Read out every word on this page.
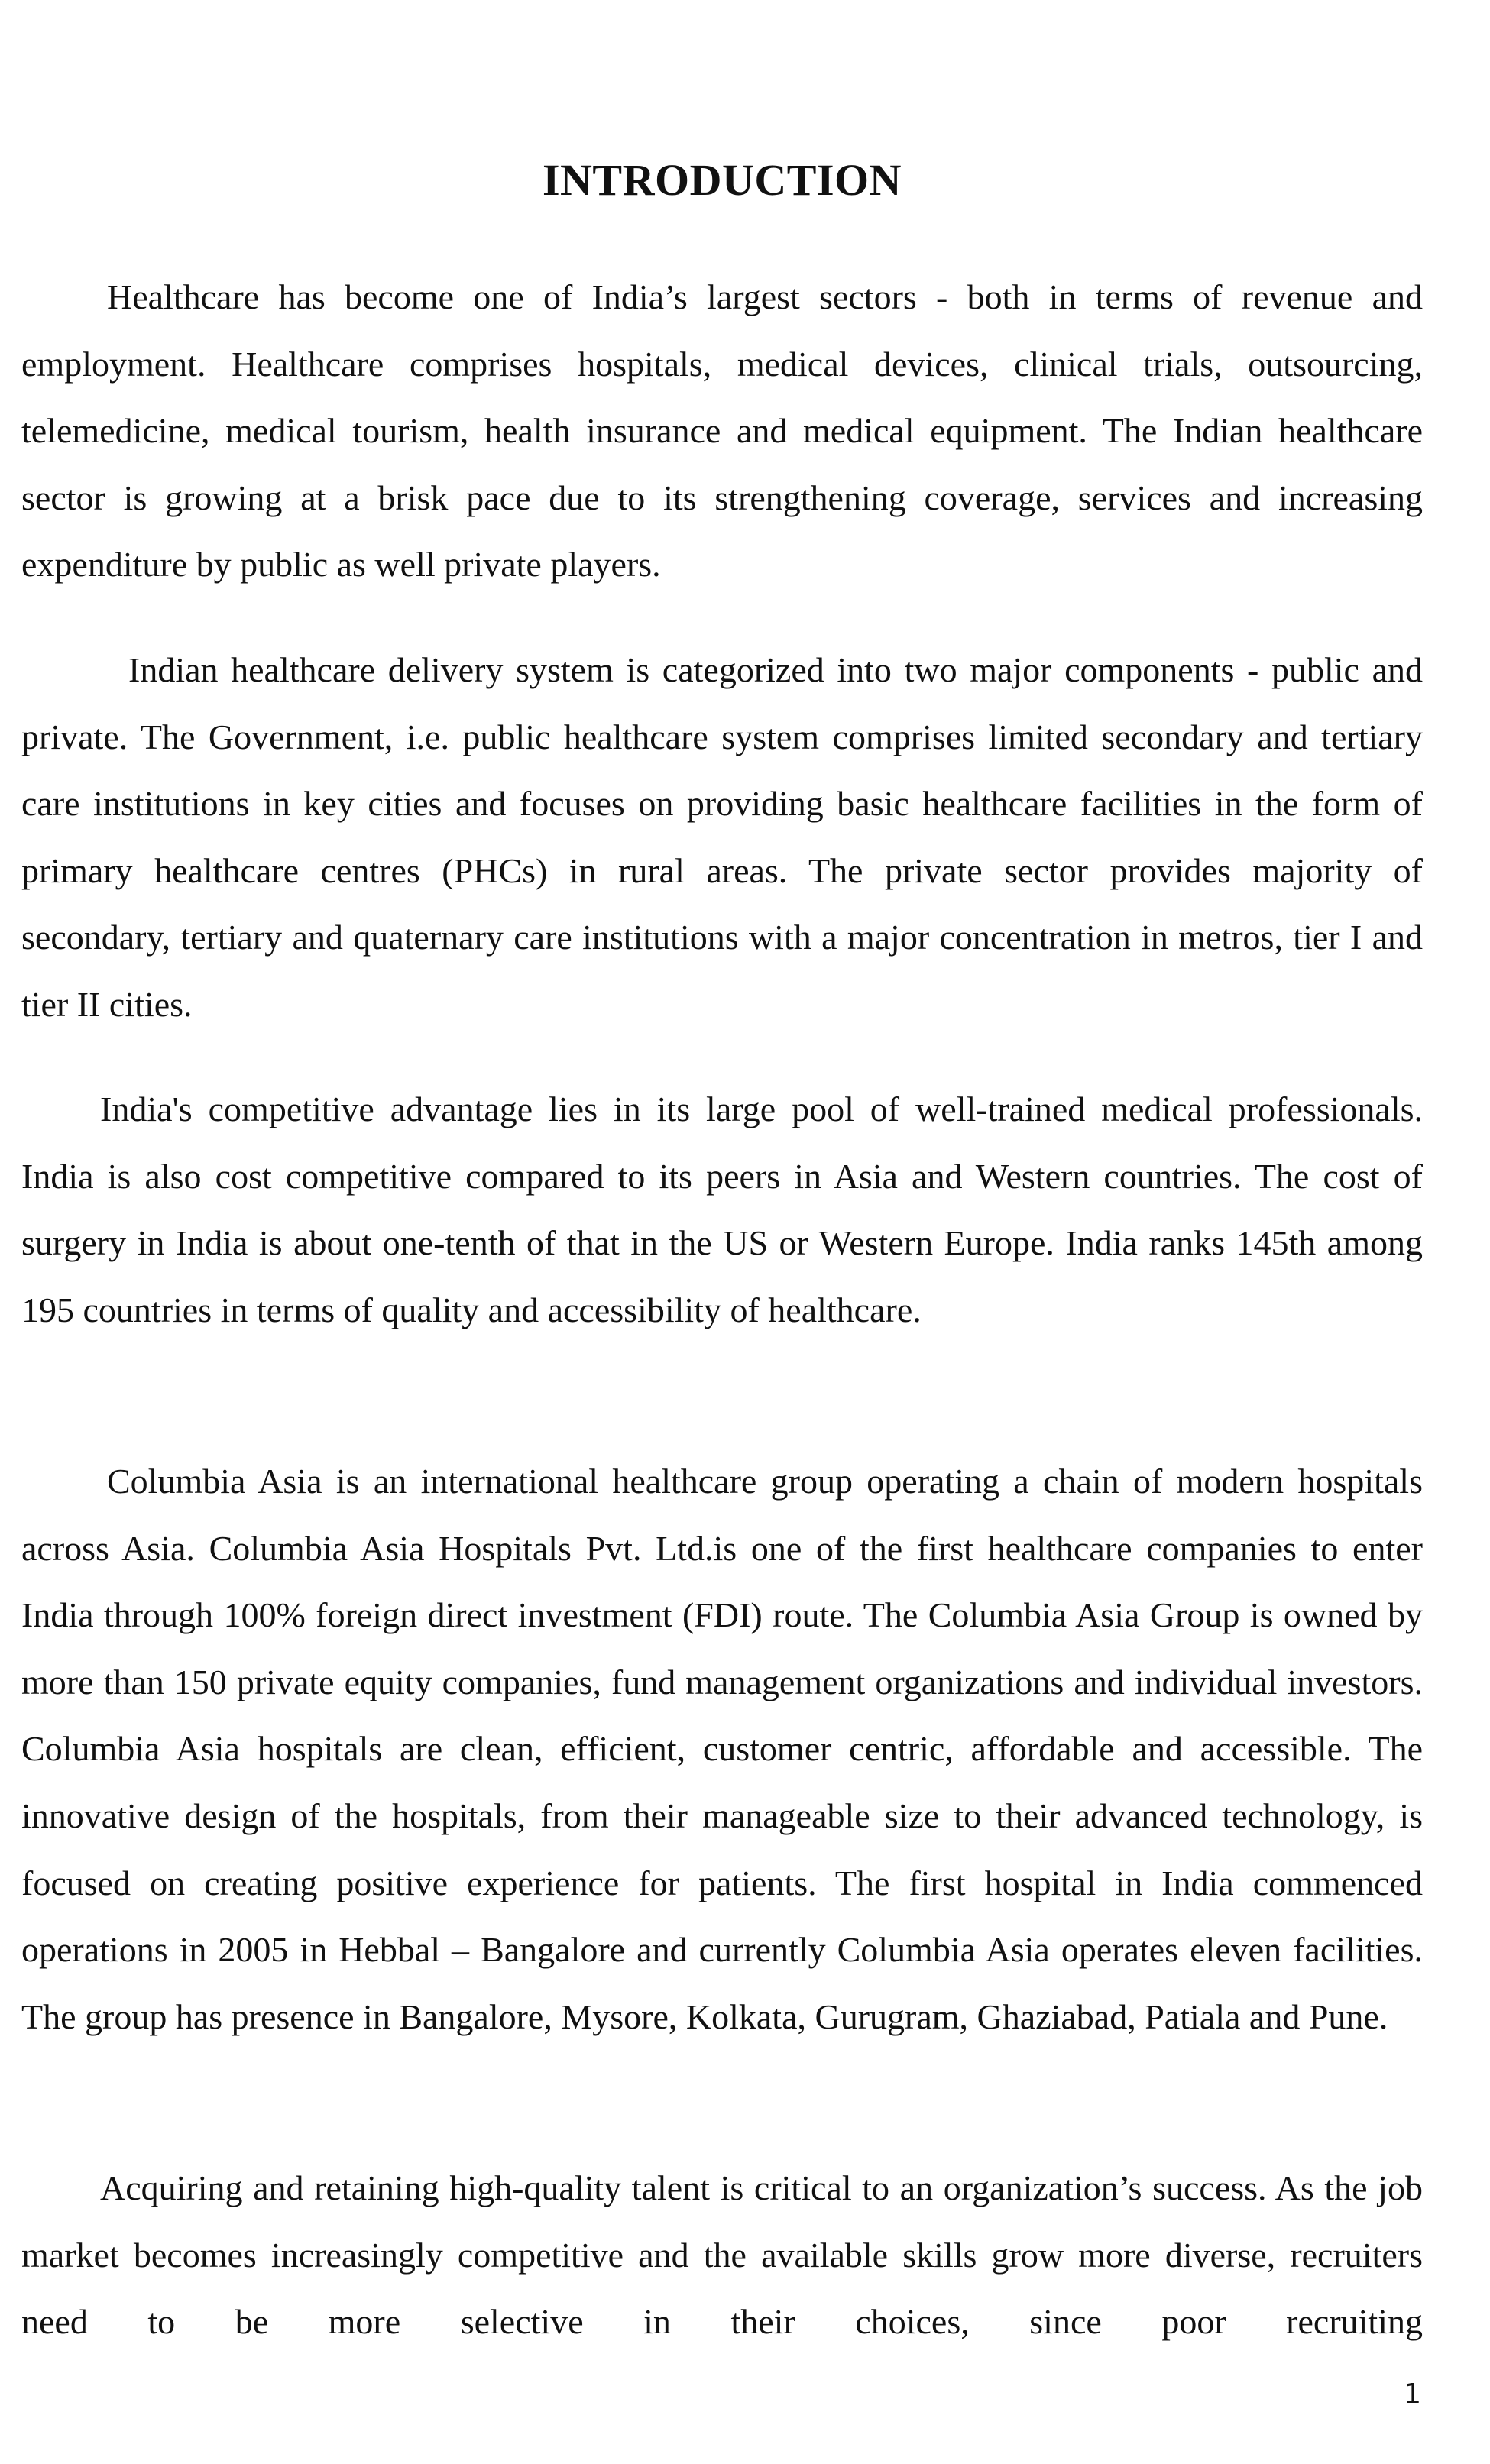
INTRODUCTION

Healthcare has become one of India’s largest sectors - both in terms of revenue and employment. Healthcare comprises hospitals, medical devices, clinical trials, outsourcing, telemedicine, medical tourism, health insurance and medical equipment. The Indian healthcare sector is growing at a brisk pace due to its strengthening coverage, services and increasing expenditure by public as well private players.

Indian healthcare delivery system is categorized into two major components - public and private. The Government, i.e. public healthcare system comprises limited secondary and tertiary care institutions in key cities and focuses on providing basic healthcare facilities in the form of primary healthcare centres (PHCs) in rural areas. The private sector provides majority of secondary, tertiary and quaternary care institutions with a major concentration in metros, tier I and tier II cities.

India's competitive advantage lies in its large pool of well-trained medical professionals. India is also cost competitive compared to its peers in Asia and Western countries. The cost of surgery in India is about one-tenth of that in the US or Western Europe. India ranks 145th among 195 countries in terms of quality and accessibility of healthcare.

Columbia Asia is an international healthcare group operating a chain of modern hospitals across Asia. Columbia Asia Hospitals Pvt. Ltd.is one of the first healthcare companies to enter India through 100% foreign direct investment (FDI) route. The Columbia Asia Group is owned by more than 150 private equity companies, fund management organizations and individual investors. Columbia Asia hospitals are clean, efficient, customer centric, affordable and accessible. The innovative design of the hospitals, from their manageable size to their advanced technology, is focused on creating positive experience for patients. The first hospital in India commenced operations in 2005 in Hebbal – Bangalore and currently Columbia Asia operates eleven facilities. The group has presence in Bangalore, Mysore, Kolkata, Gurugram, Ghaziabad, Patiala and Pune.

Acquiring and retaining high-quality talent is critical to an organization’s success. As the job market becomes increasingly competitive and the available skills grow more diverse, recruiters need to be more selective in their choices, since poor recruiting

1
